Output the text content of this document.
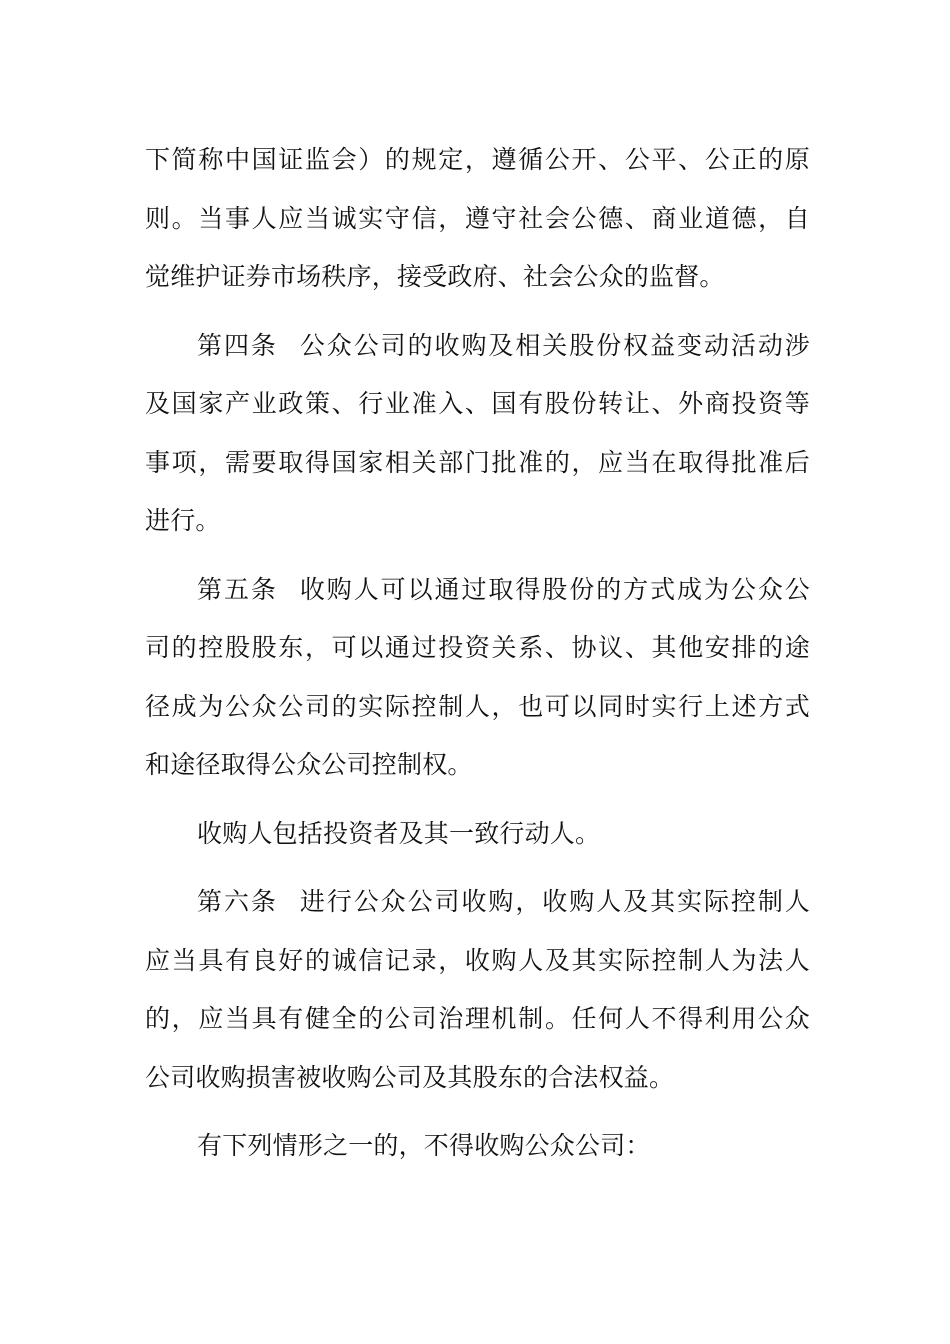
下简称中国证监会）的规定，遵循公开、公平、公正的原
则。当事人应当诚实守信，遵守社会公德、商业道德，自
觉维护证券市场秩序，接受政府、社会公众的监督。

第四条 公众公司的收购及相关股份权益变动活动涉
及国家产业政策、行业准入、国有股份转让、外商投资等
事项，需要取得国家相关部门批准的，应当在取得批准后
进行。

第五条 收购人可以通过取得股份的方式成为公众公
司的控股股东，可以通过投资关系、协议、其他安排的途
径成为公众公司的实际控制人，也可以同时实行上述方式
和途径取得公众公司控制权。

收购人包括投资者及其一致行动人。

第六条 进行公众公司收购，收购人及其实际控制人
应当具有良好的诚信记录，收购人及其实际控制人为法人
的，应当具有健全的公司治理机制。任何人不得利用公众
公司收购损害被收购公司及其股东的合法权益。

有下列情形之一的，不得收购公众公司：
